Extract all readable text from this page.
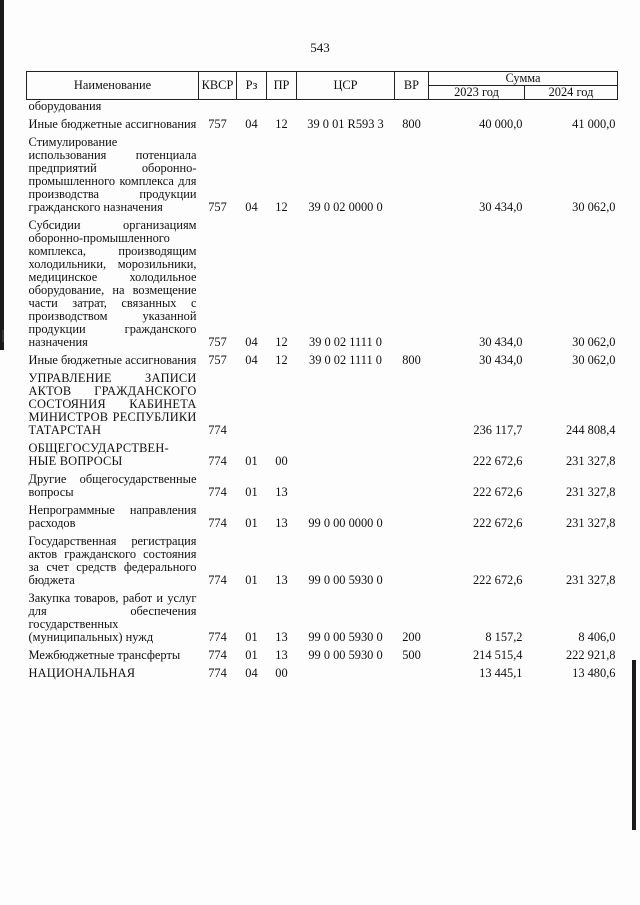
543
Наименование	КВСР	Рз	ПР	ЦСР	ВР	Сумма	
						2023 год	2024 год
оборудования							
Иные бюджетные ассигнования	757	04	12	39 0 01 R593 3	800	40 000,0	41 000,0
Стимулирование использования потенциала предприятий оборонно-промышленного комплекса для производства продукции гражданского назначения	757	04	12	39 0 02 0000 0		30 434,0	30 062,0
Субсидии организациям оборонно-промышленного комплекса, производящим холодильники, морозильники, медицинское холодильное оборудование, на возмещение части затрат, связанных с производством указанной продукции гражданского назначения	757	04	12	39 0 02 1111 0		30 434,0	30 062,0
Иные бюджетные ассигнования	757	04	12	39 0 02 1111 0	800	30 434,0	30 062,0
УПРАВЛЕНИЕ ЗАПИСИ АКТОВ ГРАЖДАНСКОГО СОСТОЯНИЯ КАБИНЕТА МИНИСТРОВ РЕСПУБЛИКИ ТАТАРСТАН	774					236 117,7	244 808,4
ОБЩЕГОСУДАРСТВЕН-НЫЕ ВОПРОСЫ	774	01	00			222 672,6	231 327,8
Другие общегосударственные вопросы	774	01	13			222 672,6	231 327,8
Непрограммные направления расходов	774	01	13	99 0 00 0000 0		222 672,6	231 327,8
Государственная регистрация актов гражданского состояния за счет средств федерального бюджета	774	01	13	99 0 00 5930 0		222 672,6	231 327,8
Закупка товаров, работ и услуг для обеспечения государственных (муниципальных) нужд	774	01	13	99 0 00 5930 0	200	8 157,2	8 406,0
Межбюджетные трансферты	774	01	13	99 0 00 5930 0	500	214 515,4	222 921,8
НАЦИОНАЛЬНАЯ	774	04	00			13 445,1	13 480,6
